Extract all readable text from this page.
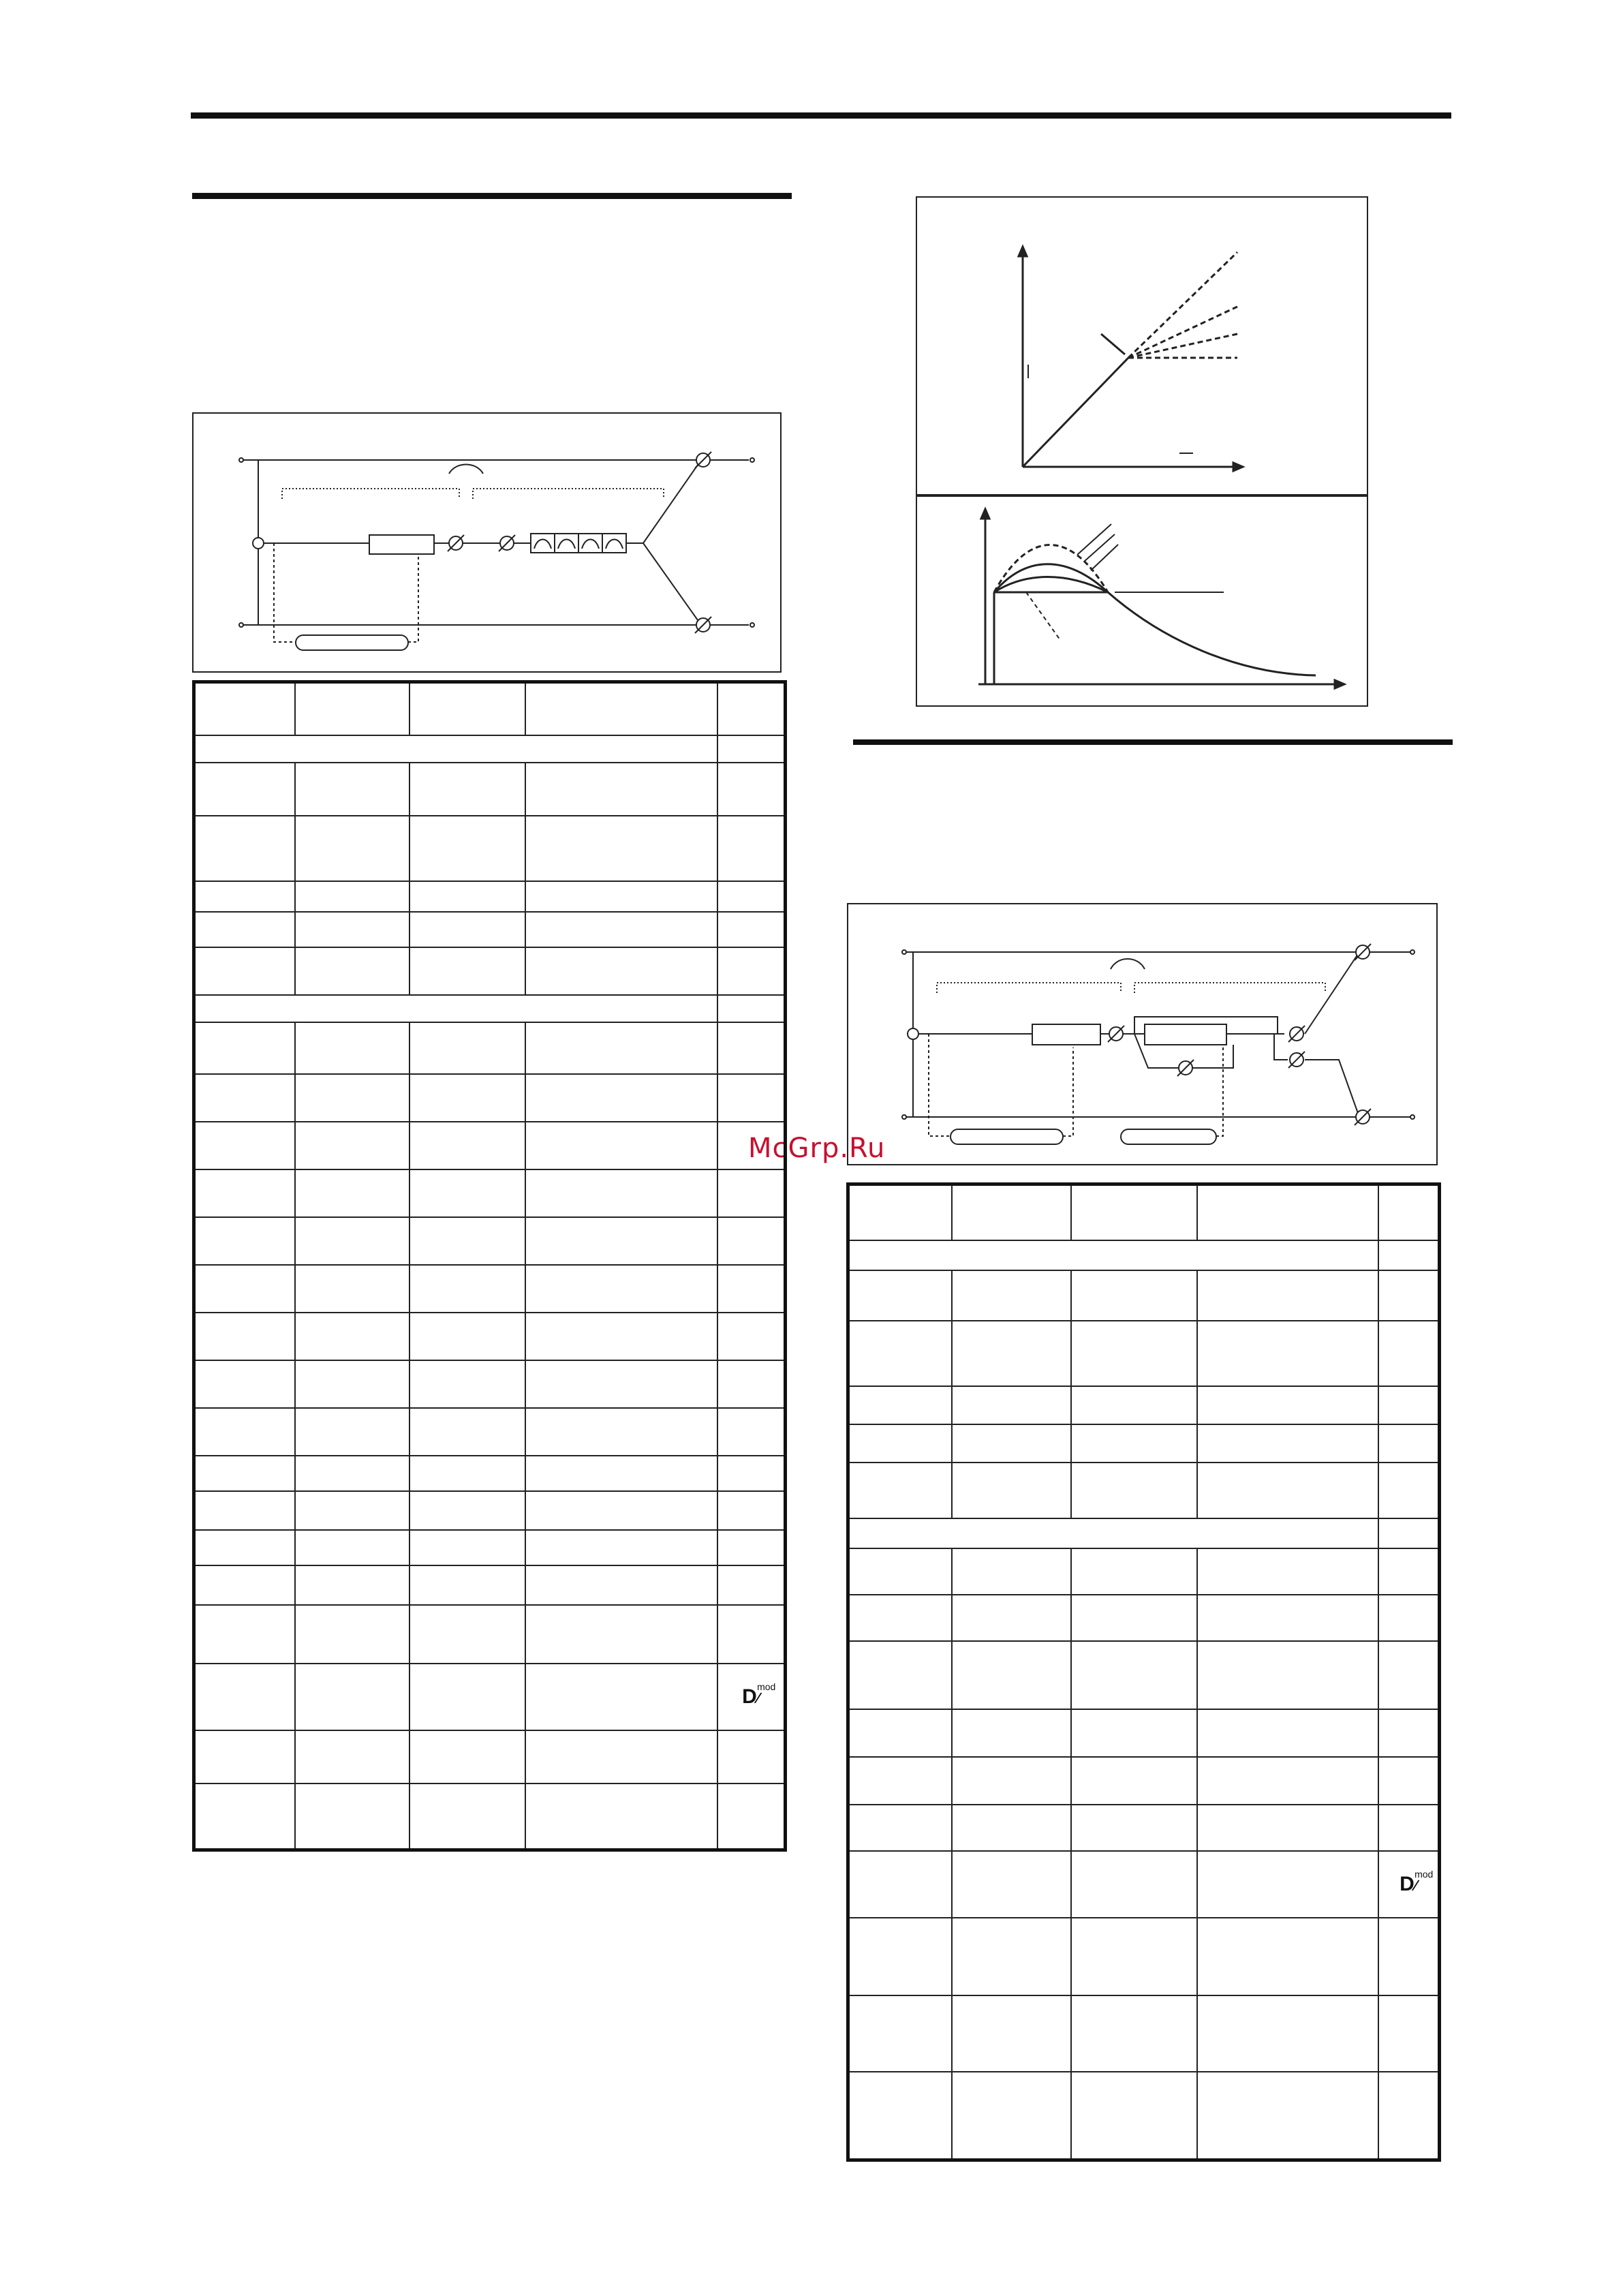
McGrp.Ru

				D mod
∕

				D mod
∕
